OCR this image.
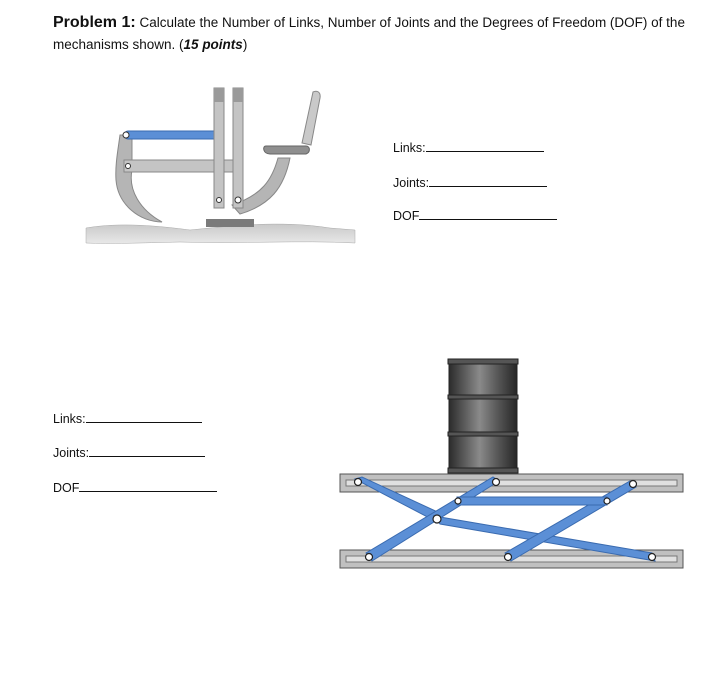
Problem 1: Calculate the Number of Links, Number of Joints and the Degrees of Freedom (DOF) of the mechanisms shown. (15 points)
Links:
Joints:
DOF
Links:
Joints:
DOF
